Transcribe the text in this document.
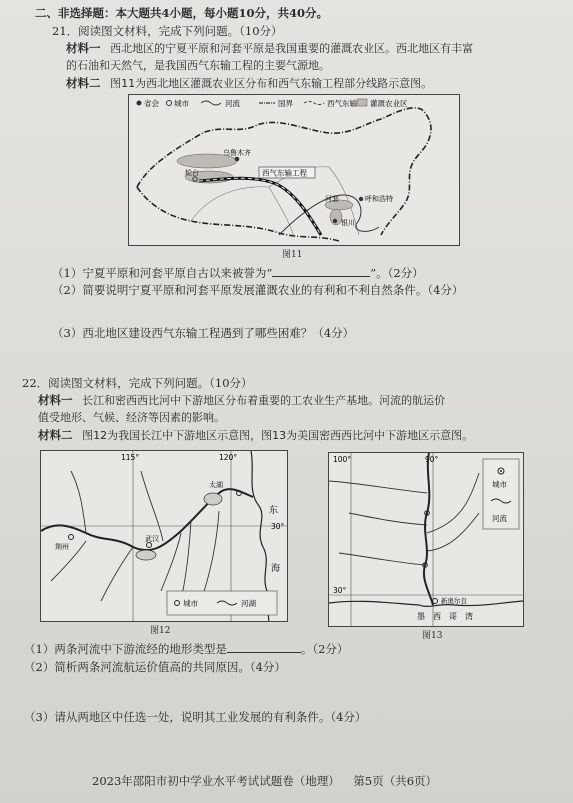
二、非选择题：本大题共4小题，每小题10分，共40分。
21．阅读图文材料，完成下列问题。（10分）
材料一 西北地区的宁夏平原和河套平原是我国重要的灌溉农业区。西北地区有丰富
的石油和天然气，是我国西气东输工程的主要气源地。
材料二 图11为西北地区灌溉农业区分布和西气东输工程部分线路示意图。
省会 城市	河流	国界	西气东输 灌溉农业区
西气东输工程
乌鲁木齐
轮台
河套	呼和浩特
银川
图11
（1）宁夏平原和河套平原自古以来被誉为“	”。（2分）
（2）简要说明宁夏平原和河套平原发展灌溉农业的有利和不利自然条件。（4分）
（3）西北地区建设西气东输工程遇到了哪些困难？（4分）
22．阅读图文材料，完成下列问题。（10分）
材料一 长江和密西西比河中下游地区分布着重要的工农业生产基地。河流的航运价
值受地形、气候、经济等因素的影响。
材料二 图12为我国长江中下游地区示意图，图13为美国密西西比河中下游地区示意图。
115°	120°
30°
东
海
太湖
荆州
武汉
城市	河湖
图12
100°	90°
30°
城市
河流
新奥尔良
墨　西　哥　湾
图13
（1）两条河流中下游流经的地形类型是	。（2分）
（2）简析两条河流航运价值高的共同原因。（4分）
（3）请从两地区中任选一处，说明其工业发展的有利条件。（4分）
2023年邵阳市初中学业水平考试试题卷（地理） 第5页（共6页）
